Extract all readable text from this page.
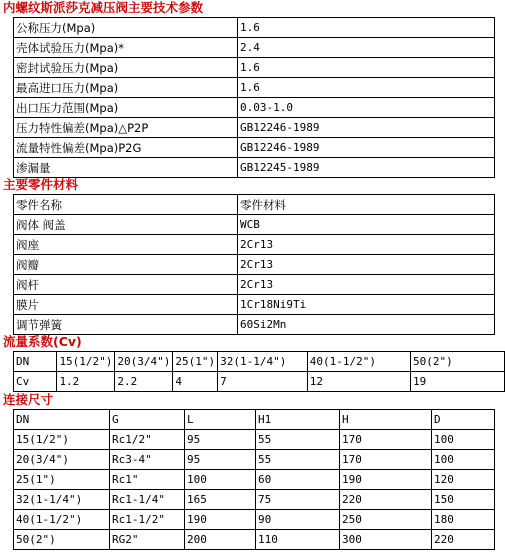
内螺纹斯派莎克减压阀主要技术参数
公称压力(Mpa)	1.6
壳体试验压力(Mpa)*	2.4
密封试验压力(Mpa)	1.6
最高进口压力(Mpa)	1.6
出口压力范围(Mpa)	0.03-1.0
压力特性偏差(Mpa)△P2P	GB12246-1989
流量特性偏差(Mpa)P2G	GB12246-1989
渗漏量	GB12245-1989
主要零件材料
零件名称	零件材料
阀体 阀盖	WCB
阀座	2Cr13
阀瓣	2Cr13
阀杆	2Cr13
膜片	1Cr18Ni9Ti
调节弹簧	60Si2Mn
流量系数(Cv)
DN	15(1/2")	20(3/4")	25(1")	32(1-1/4")	40(1-1/2")	50(2")
Cv	1.2	2.2	4	7	12	19
连接尺寸
DN	G	L	H1	H	D
15(1/2")	Rc1/2"	95	55	170	100
20(3/4")	Rc3-4"	95	55	170	100
25(1")	Rc1"	100	60	190	120
32(1-1/4")	Rc1-1/4"	165	75	220	150
40(1-1/2")	Rc1-1/2"	190	90	250	180
50(2")	RG2"	200	110	300	220
